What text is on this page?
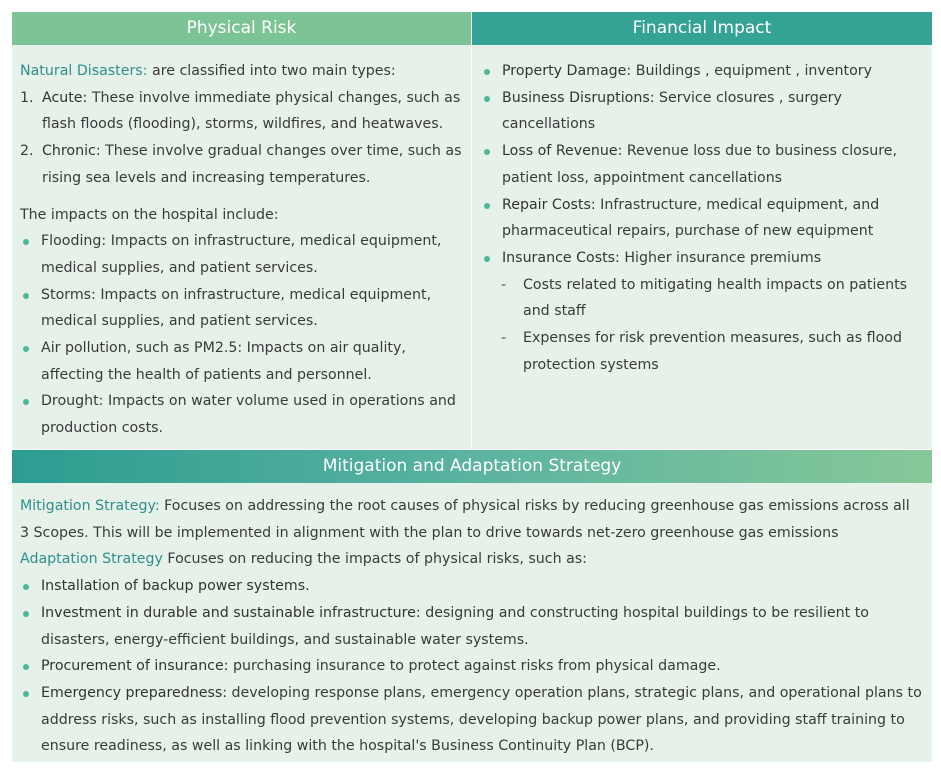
Physical Risk
Natural Disasters: are classified into two main types:
1. Acute: These involve immediate physical changes, such as flash floods (flooding), storms, wildfires, and heatwaves.
2. Chronic: These involve gradual changes over time, such as rising sea levels and increasing temperatures.
The impacts on the hospital include:
Flooding: Impacts on infrastructure, medical equipment, medical supplies, and patient services.
Storms: Impacts on infrastructure, medical equipment, medical supplies, and patient services.
Air pollution, such as PM2.5: Impacts on air quality, affecting the health of patients and personnel.
Drought: Impacts on water volume used in operations and production costs.
Financial Impact
Property Damage: Buildings , equipment , inventory
Business Disruptions: Service closures , surgery cancellations
Loss of Revenue: Revenue loss due to business closure, patient loss, appointment cancellations
Repair Costs: Infrastructure, medical equipment, and pharmaceutical repairs, purchase of new equipment
Insurance Costs: Higher insurance premiums
-	Costs related to mitigating health impacts on patients and staff
-	Expenses for risk prevention measures, such as flood protection systems
Mitigation and Adaptation Strategy
Mitigation Strategy: Focuses on addressing the root causes of physical risks by reducing greenhouse gas emissions across all 3 Scopes. This will be implemented in alignment with the plan to drive towards net-zero greenhouse gas emissions
Adaptation Strategy Focuses on reducing the impacts of physical risks, such as:
Installation of backup power systems.
Investment in durable and sustainable infrastructure: designing and constructing hospital buildings to be resilient to disasters, energy-efficient buildings, and sustainable water systems.
Procurement of insurance: purchasing insurance to protect against risks from physical damage.
Emergency preparedness: developing response plans, emergency operation plans, strategic plans, and operational plans to address risks, such as installing flood prevention systems, developing backup power plans, and providing staff training to ensure readiness, as well as linking with the hospital's Business Continuity Plan (BCP).
